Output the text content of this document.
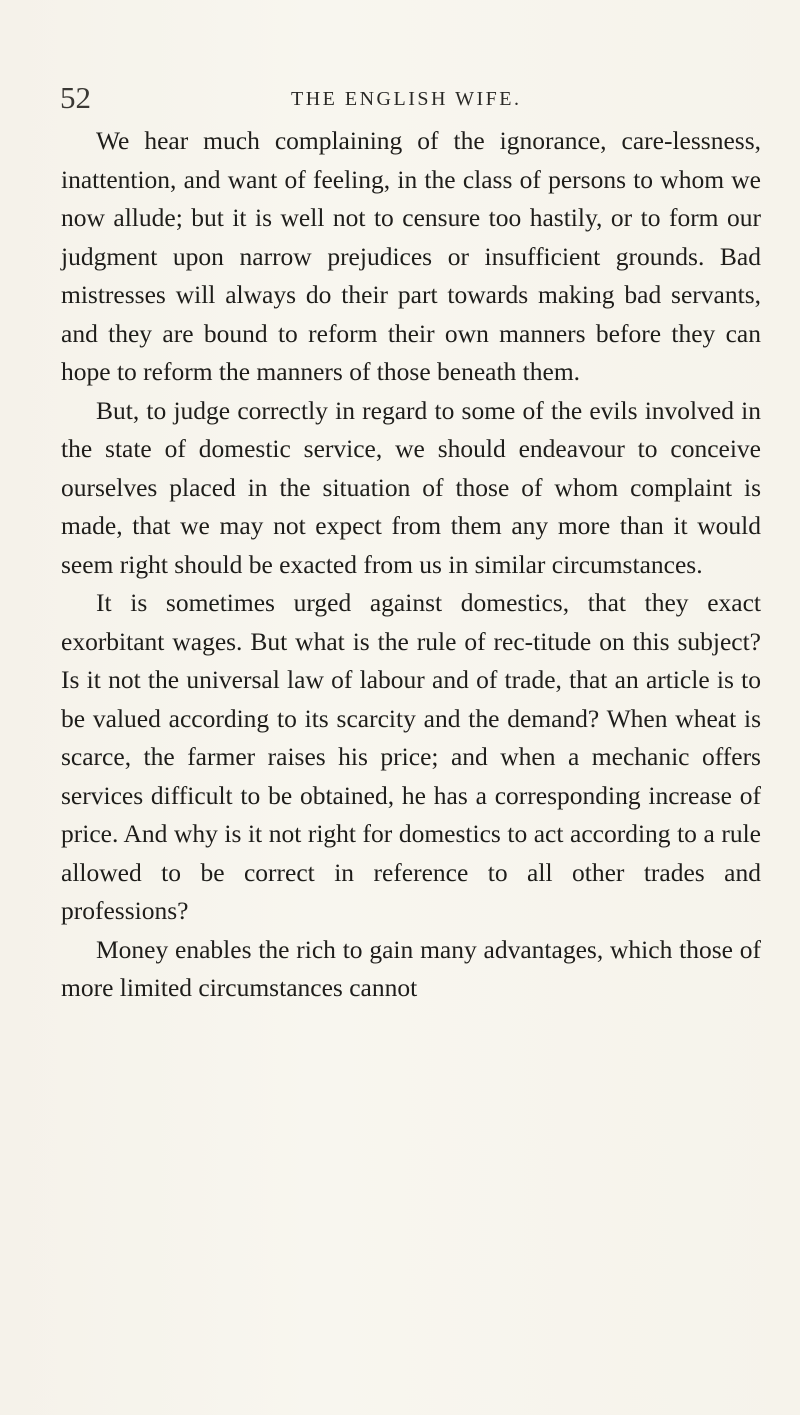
52	THE ENGLISH WIFE.

We hear much complaining of the ignorance, care-lessness, inattention, and want of feeling, in the class of persons to whom we now allude; but it is well not to censure too hastily, or to form our judgment upon narrow prejudices or insufficient grounds. Bad mistresses will always do their part towards making bad servants, and they are bound to reform their own manners before they can hope to reform the manners of those beneath them.

But, to judge correctly in regard to some of the evils involved in the state of domestic service, we should endeavour to conceive ourselves placed in the situation of those of whom complaint is made, that we may not expect from them any more than it would seem right should be exacted from us in similar circumstances.

It is sometimes urged against domestics, that they exact exorbitant wages. But what is the rule of rec-titude on this subject? Is it not the universal law of labour and of trade, that an article is to be valued according to its scarcity and the demand? When wheat is scarce, the farmer raises his price; and when a mechanic offers services difficult to be obtained, he has a corresponding increase of price. And why is it not right for domestics to act according to a rule allowed to be correct in reference to all other trades and professions?

Money enables the rich to gain many advantages, which those of more limited circumstances cannot
